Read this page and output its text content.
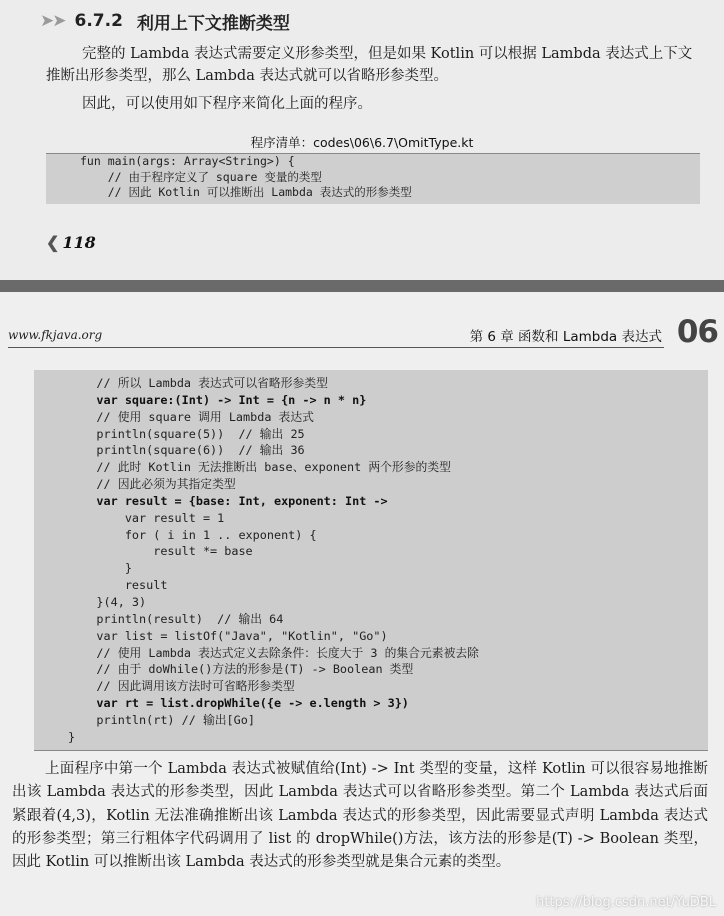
➤➤ 6.7.2 利用上下文推断类型
完整的 Lambda 表达式需要定义形参类型，但是如果 Kotlin 可以根据 Lambda 表达式上下文推断出形参类型，那么 Lambda 表达式就可以省略形参类型。
因此，可以使用如下程序来简化上面的程序。
程序清单：codes\06\6.7\OmitType.kt
fun main(args: Array<String>) {
// 由于程序定义了 square 变量的类型
// 因此 Kotlin 可以推断出 Lambda 表达式的形参类型
❮ 118
www.fkjava.org	第 6 章 函数和 Lambda 表达式 06
// 所以 Lambda 表达式可以省略形参类型
var square:(Int) -> Int = {n -> n * n}
// 使用 square 调用 Lambda 表达式
println(square(5))  // 输出 25
println(square(6))  // 输出 36
// 此时 Kotlin 无法推断出 base、exponent 两个形参的类型
// 因此必须为其指定类型
var result = {base: Int, exponent: Int ->
var result = 1
for ( i in 1 .. exponent) {
result *= base
}
result
}(4, 3)
println(result)  // 输出 64
var list = listOf("Java", "Kotlin", "Go")
// 使用 Lambda 表达式定义去除条件：长度大于 3 的集合元素被去除
// 由于 doWhile()方法的形参是(T) -> Boolean 类型
// 因此调用该方法时可省略形参类型
var rt = list.dropWhile({e -> e.length > 3})
println(rt) // 输出[Go]
}
上面程序中第一个 Lambda 表达式被赋值给(Int) -> Int 类型的变量，这样 Kotlin 可以很容易地推断出该 Lambda 表达式的形参类型，因此 Lambda 表达式可以省略形参类型。第二个 Lambda 表达式后面紧跟着(4,3)，Kotlin 无法准确推断出该 Lambda 表达式的形参类型，因此需要显式声明 Lambda 表达式的形参类型；第三行粗体字代码调用了 list 的 dropWhile()方法，该方法的形参是(T) -> Boolean 类型，因此 Kotlin 可以推断出该 Lambda 表达式的形参类型就是集合元素的类型。
https://blog.csdn.net/YuDBL
